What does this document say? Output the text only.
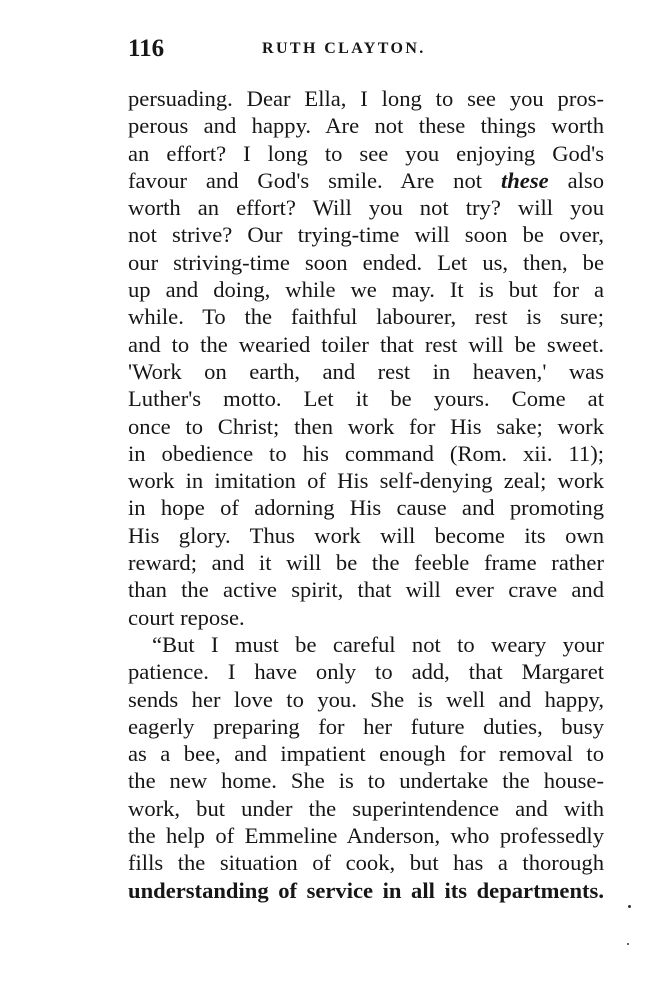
116	RUTH CLAYTON.
persuading. Dear Ella, I long to see you pros-
perous and happy. Are not these things worth
an effort? I long to see you enjoying God's
favour and God's smile. Are not these also
worth an effort? Will you not try? will you
not strive? Our trying-time will soon be over,
our striving-time soon ended. Let us, then, be
up and doing, while we may. It is but for a
while. To the faithful labourer, rest is sure;
and to the wearied toiler that rest will be sweet.
'Work on earth, and rest in heaven,' was
Luther's motto. Let it be yours. Come at
once to Christ; then work for His sake; work
in obedience to his command (Rom. xii. 11);
work in imitation of His self-denying zeal; work
in hope of adorning His cause and promoting
His glory. Thus work will become its own
reward; and it will be the feeble frame rather
than the active spirit, that will ever crave and
court repose.
“But I must be careful not to weary your
patience. I have only to add, that Margaret
sends her love to you. She is well and happy,
eagerly preparing for her future duties, busy
as a bee, and impatient enough for removal to
the new home. She is to undertake the house-
work, but under the superintendence and with
the help of Emmeline Anderson, who professedly
fills the situation of cook, but has a thorough
understanding of service in all its departments.
